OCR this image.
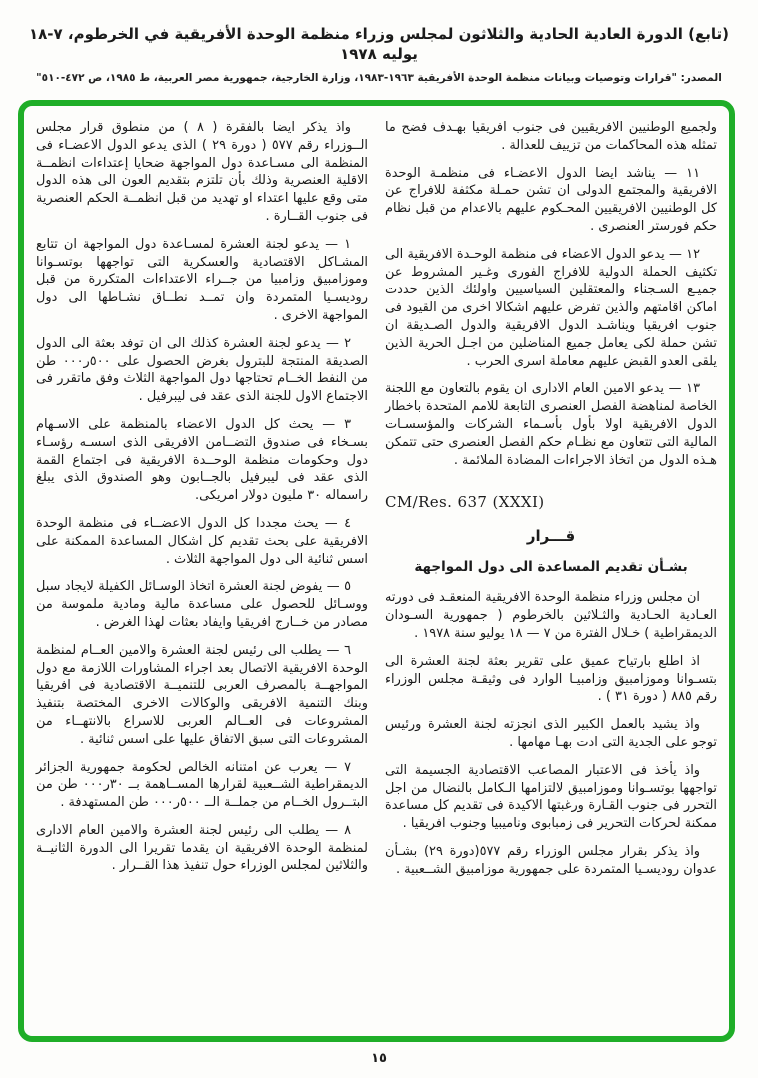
(تابع) الدورة العادية الحادية والثلاثون لمجلس وزراء منظمة الوحدة الأفريقية في الخرطوم، ٧-١٨ يوليه ١٩٧٨
المصدر: "قرارات وتوصيات وبيانات منظمة الوحدة الأفريقية ١٩٦٣-١٩٨٣، وزارة الخارجية، جمهورية مصر العربية، ط ١٩٨٥، ص ٤٧٢-٥١٠"

ولجميع الوطنيين الافريقيين فى جنوب افريقيا بهـدف فضح ما تمثله هذه المحاكمات من تزييف للعدالة .

١١ — يناشد ايضا الدول الاعضـاء فى منظمـة الوحدة الافريقية والمجتمع الدولى ان تشن حمـلة مكثفة للافراج عن كل الوطنيين الافريقيين المحـكوم عليهم بالاعدام من قبل نظام حكم فورستر العنصرى .

١٢ — يدعو الدول الاعضاء فى منظمة الوحـدة الافريقية الى تكثيف الحملة الدولية للافراج الفورى وغـير المشروط عن جميـع السـجناء والمعتقلين السياسيين واولئك الذين حددت اماكن اقامتهم والذين تفرض عليهم اشكالا اخرى من القيود فى جنوب افريقيا ويناشـد الدول الافريقية والدول الصـديقة ان تشن حملة لكى يعامل جميع المناضلين من اجـل الحرية الذين يلقى العدو القبض عليهم معاملة اسرى الحرب .

١٣ — يدعو الامين العام الادارى ان يقوم بالتعاون مع اللجنة الخاصة لمناهضة الفصل العنصرى التابعة للامم المتحدة باخطار الدول الافريقية اولا بأول بأسـماء الشركات والمؤسسـات المالية التى تتعاون مع نظـام حكم الفصل العنصرى حتى تتمكن هـذه الدول من اتخاذ الاجراءات المضادة الملائمة .

CM/Res. 637 (XXXI)
قـــرار
بشـأن تقديم المساعدة الى دول المواجهة

ان مجلس وزراء منظمة الوحدة الافريقية المنعقـد فى دورته العـادية الحـادية والثـلاثين بالخرطوم ( جمهورية السـودان الديمقراطية ) خـلال الفترة من ٧ — ١٨ يوليو سنة ١٩٧٨ .

اذ اطلع بارتياح عميق على تقرير بعثة لجنة العشرة الى بتسـوانا وموزامبيق وزامبيـا الوارد فى وثيقـة مجلس الوزراء رقم ٨٨٥ ( دورة ٣١ ) .

واذ يشيد بالعمل الكبير الذى انجزته لجنة العشرة ورئيس توجو على الجدية التى ادت بهـا مهامها .

واذ يأخذ فى الاعتبار المصاعب الاقتصادية الجسيمة التى تواجهها بوتسـوانا وموزامبيق لالتزامها الـكامل بالنضال من اجل التحرر فى جنوب القـارة ورغبتها الاكيدة فى تقديم كل مساعدة ممكنة لحركات التحرير فى زمبابوى وناميبيا وجنوب افريقيا .

واذ يذكر بقرار مجلس الوزراء رقم ٥٧٧(دورة ٢٩) بشـأن عدوان روديسـيا المتمردة على جمهورية موزامبيق الشــعبية .

واذ يذكر ايضا بالفقرة ( ٨ ) من منطوق قرار مجلس الــوزراء رقم ٥٧٧ ( دورة ٢٩ ) الذى يدعو الدول الاعضـاء فى المنظمة الى مسـاعدة دول المواجهة ضحايا إعتداءات انظمــة الاقلية العنصرية وذلك بأن تلتزم بتقديم العون الى هذه الدول متى وقع عليها اعتداء او تهديد من قبل انظمــة الحكم العنصرية فى جنوب القــارة .

١ — يدعو لجنة العشرة لمسـاعدة دول المواجهة ان تتابع المشـاكل الاقتصادية والعسكرية التى تواجهها بوتسـوانا وموزامبيق وزامبيا من جــراء الاعتداءات المتكررة من قبل روديسـيا المتمردة وان تمــد نطــاق نشـاطها الى دول المواجهة الاخرى .

٢ — يدعو لجنة العشرة كذلك الى ان توفد بعثة الى الدول الصديقة المنتجة للبترول بغرض الحصول على ٥٠٠ر٠٠٠ طن من النفط الخــام تحتاجها دول المواجهة الثلاث وفق ماتقرر فى الاجتماع الاول للجنة الذى عقد فى ليبرفيل .

٣ — يحث كل الدول الاعضاء بالمنظمة على الاسـهام بسـخاء فى صندوق التضــامن الافريقى الذى اسسـه رؤسـاء دول وحكومات منظمة الوحــدة الافريقية فى اجتماع القمة الذى عقد فى ليبرفيل بالجــابون وهو الصندوق الذى يبلغ راسماله ٣٠ مليون دولار امريكى.

٤ — يحث مجددا كل الدول الاعضــاء فى منظمة الوحدة الافريقية على بحث تقديم كل اشكال المساعدة الممكنة على اسس ثنائية الى دول المواجهة الثلاث .

٥ — يفوض لجنة العشرة اتخاذ الوسـائل الكفيلة لايجاد سبل ووسـائل للحصول على مساعدة مالية ومادية ملموسة من مصادر من خــارج افريقيا وايفاد بعثات لهذا الغرض .

٦ — يطلب الى رئيس لجنة العشرة والامين العــام لمنظمة الوحدة الافريقية الاتصال بعد اجراء المشاورات اللازمة مع دول المواجهــة بالمصرف العربى للتنميــة الاقتصادية فى افريقيا وبنك التنمية الافريقى والوكالات الاخرى المختصة بتنفيذ المشروعات فى العــالم العربى للاسراع بالانتهــاء من المشروعات التى سبق الاتفاق عليها على اسس ثنائية .

٧ — يعرب عن امتنانه الخالص لحكومة جمهورية الجزائر الديمقراطية الشــعبية لقرارها المســاهمة بــ ٣٠ر٠٠٠ طن من البتــرول الخــام من جملــة الــ ٥٠٠ر٠٠٠ طن المستهدفة .

٨ — يطلب الى رئيس لجنة العشرة والامين العام الادارى لمنظمة الوحدة الافريقية ان يقدما تقريرا الى الدورة الثانيــة والثلاثين لمجلس الوزراء حول تنفيذ هذا القــرار .

١٥
